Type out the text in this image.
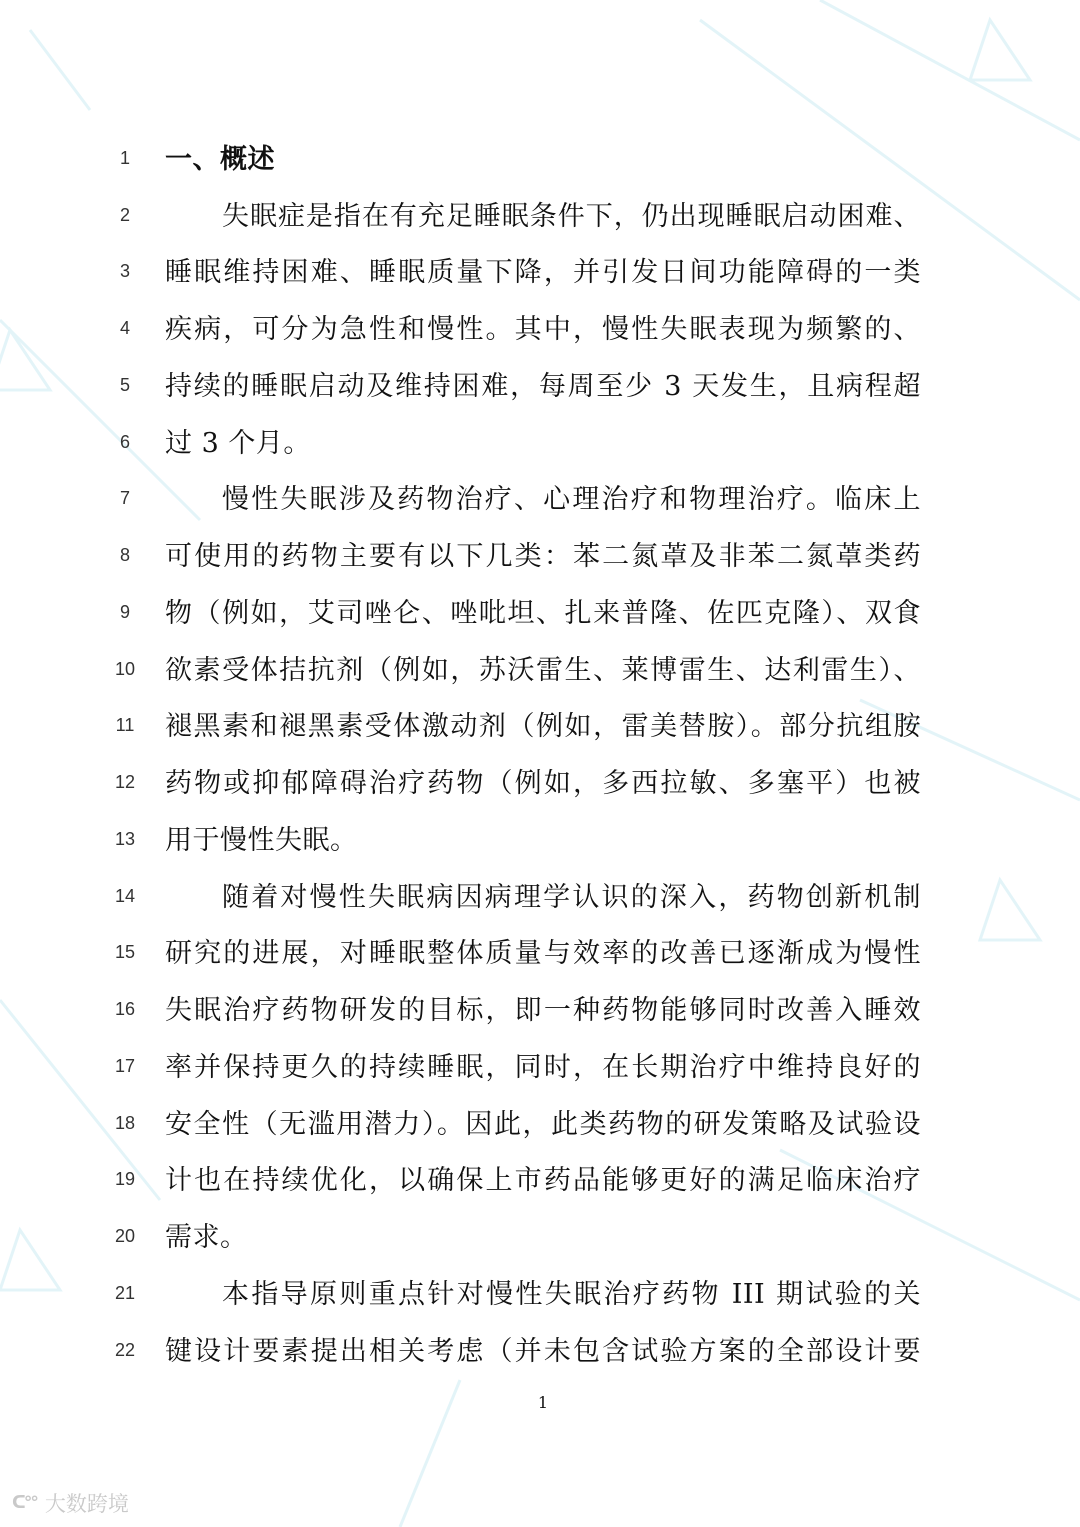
1	一、概述
2	失眠症是指在有充足睡眠条件下，仍出现睡眠启动困难、
3	睡眠维持困难、睡眠质量下降，并引发日间功能障碍的一类
4	疾病，可分为急性和慢性。其中，慢性失眠表现为频繁的、
5	持续的睡眠启动及维持困难，每周至少 3 天发生，且病程超
6	过 3 个月。
7	慢性失眠涉及药物治疗、心理治疗和物理治疗。临床上
8	可使用的药物主要有以下几类：苯二氮䓬及非苯二氮䓬类药
9	物（例如，艾司唑仑、唑吡坦、扎来普隆、佐匹克隆）、双食
10	欲素受体拮抗剂（例如，苏沃雷生、莱博雷生、达利雷生）、
11	褪黑素和褪黑素受体激动剂（例如，雷美替胺）。部分抗组胺
12	药物或抑郁障碍治疗药物（例如，多西拉敏、多塞平）也被
13	用于慢性失眠。
14	随着对慢性失眠病因病理学认识的深入，药物创新机制
15	研究的进展，对睡眠整体质量与效率的改善已逐渐成为慢性
16	失眠治疗药物研发的目标，即一种药物能够同时改善入睡效
17	率并保持更久的持续睡眠，同时，在长期治疗中维持良好的
18	安全性（无滥用潜力）。因此，此类药物的研发策略及试验设
19	计也在持续优化，以确保上市药品能够更好的满足临床治疗
20	需求。
21	本指导原则重点针对慢性失眠治疗药物 III 期试验的关
22	键设计要素提出相关考虑（并未包含试验方案的全部设计要
1
ᑕ°° 大数跨境
